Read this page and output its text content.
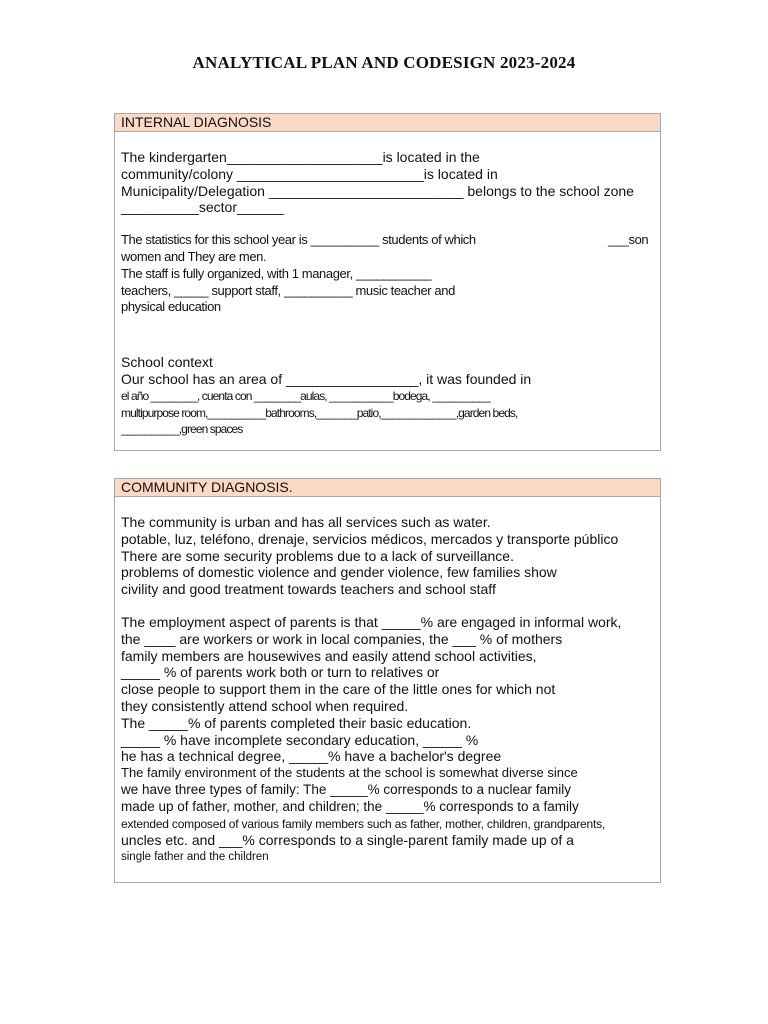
ANALYTICAL PLAN AND CODESIGN 2023-2024
INTERNAL DIAGNOSIS
The kindergarten____________________is located in the
community/colony ________________________is located in
Municipality/Delegation _________________________ belongs to the school zone
__________sector______
The statistics for this school year is __________ students of which	___son
women and They are men.
The staff is fully organized, with 1 manager, ___________
teachers, _____ support staff, __________ music teacher and
physical education
School context
Our school has an area of _________________, it was founded in
el año ________, cuenta con ________aulas, ___________bodega, __________
multipurpose room,__________bathrooms,_______patio,_____________,garden beds,
__________,green spaces
COMMUNITY DIAGNOSIS.
The community is urban and has all services such as water.
potable, luz, teléfono, drenaje, servicios médicos, mercados y transporte público
There are some security problems due to a lack of surveillance.
problems of domestic violence and gender violence, few families show
civility and good treatment towards teachers and school staff
The employment aspect of parents is that _____% are engaged in informal work,
the ____ are workers or work in local companies, the ___ % of mothers
family members are housewives and easily attend school activities,
_____ % of parents work both or turn to relatives or
close people to support them in the care of the little ones for which not
they consistently attend school when required.
The _____% of parents completed their basic education.
_____ % have incomplete secondary education, _____ %
he has a technical degree, _____% have a bachelor's degree
The family environment of the students at the school is somewhat diverse since
we have three types of family: The _____% corresponds to a nuclear family
made up of father, mother, and children; the _____% corresponds to a family
extended composed of various family members such as father, mother, children, grandparents,
uncles etc. and ___% corresponds to a single-parent family made up of a
single father and the children
